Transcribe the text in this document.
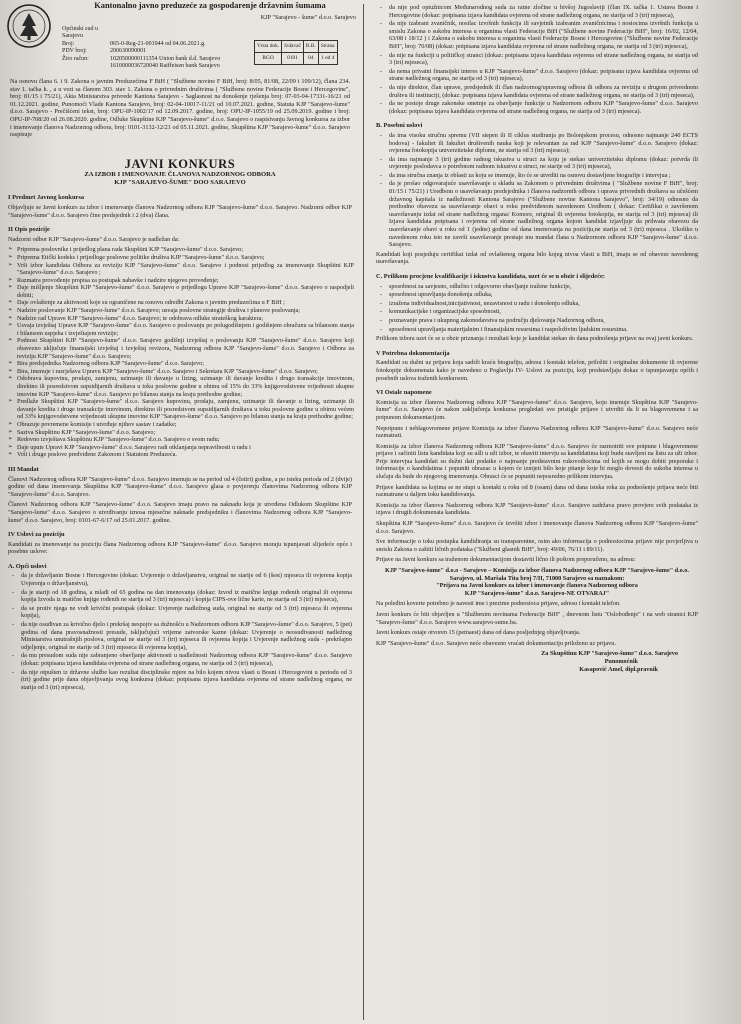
Kantonalno javno preduzeće za gospodarenje državnim šumama
KJP "Sarajevo - šume" d.o.o. Sarajevo
Općinski sud u Sarajevu
Broj:	065-0-Reg-21-001944 od 04.06.2021.g.
PDV broj:	200630090001
Žiro račun:	1020500000111354 Union bank d.d. Sarajevo
1610000036720040 Raiffeisen bank Sarajevo
Vrsta dok.	Izdavač	R.B.	Strana
RGO	0101	04	1 od 4
Na osnovu člana 6. i 9. Zakona o javnim Preduzećima F BiH ( "Službene novine F BiH, broj: 8/05, 81/08, 22/09 i 109/12), člana 234. stav 1. tačka k. , a u vezi sa članom 303. stav 1. Zakona o privrednim društvima ( "Službene novine Federacije Bosne i Hercegovine", broj: 81/15 i 75/21), Akta Ministarstva privrede Kantona Sarajevo - Saglasnost na donošenje rješenja broj: 07-03-04-17331-16/21 od 01.12.2021. godine, Punomoći Vlade Kantona Sarajevo, broj: 02-04-10017-11/21 od 10.07.2021. godine, Statuta KJP "Sarajevo-šume" d.o.o. Sarajevo - Prečišćeni tekst, broj: OPU-IP-1002/17 od 12.09.2017. godine, broj: OPU-IP-1055/19 od 25.09.2019. godine i broj: OPU-IP-708/20 od 26.08.2020. godine, Odluke Skupštine KJP "Sarajevo-šume" d.o.o. Sarajevo o raspisivanju Javnog konkursa za izbor i imenovanje članova Nadzornog odbora, broj: 0101-3132-12/21 od 05.11.2021. godine, Skupština KJP "Sarajevo-šume" d.o.o. Sarajevo raspisuje
JAVNI KONKURS
ZA IZBOR I IMENOVANJE ČLANOVA NADZORNOG ODBORA
KJP "SARAJEVO-ŠUME" DOO SARAJEVO
I Predmet Javnog konkursa

Objavljuje se Javni konkurs za izbor i imenovanje članova Nadzornog odbora KJP "Sarajevo-šume" d.o.o. Sarajevo. Nadzorni odbor KJP "Sarajevo-šume" d.o.o. Sarajevo čine predsjednik i 2 (dva) člana.

II Opis pozicije

Nadzorni odbor KJP "Sarajevo-šume" d.o.o. Sarajevo je nadležan da:

➢ Priprema poslovnike i prijedlog plana rada Skupštini KJP "Sarajevo-šume" d.o.o. Sarajevo;
➢ Priprema Etički kodeks i prijedloge poslovne politike društva KJP "Sarajevo-šume" d.o.o. Sarajevo;
➢ Vrši izbor kandidata Odbora za reviziju KJP "Sarajevo-šume" d.o.o. Sarajevo i podnosi prijedlog za imenovanje Skupštini KJP "Sarajevo-šume" d.o.o. Sarajevo ;
➢ Razmatra provođenje propisa za postupak nabavke i nadzire njegovo provođenje;
➢ Daje mišljenje Skupštini KJP "Sarajevo-šume" d.o.o. Sarajevo o prijedlogu Uprave KJP "Sarajevo-šume" d.o.o. Sarajevo o raspodjeli dobiti;
➢ Daje ovlaštenje za aktivnosti koje su ograničene na osnovu odredbi Zakona o javnim preduzećima u F BiH ;
➢ Nadzire poslovanje KJP "Sarajevo-šume" d.o.o. Sarajevo; usvaja poslovne strategije društva i planove poslovanja;
➢ Nadzire rad Uprave KJP "Sarajevo-šume" d.o.o. Sarajevo; te odobrava odluke strateškog karaktera;
➢ Usvaja izvještaj Uprave KJP "Sarajevo-šume" d.o.o. Sarajevo o poslovanju po polugodišnjem i godišnjem obračunu sa bilansom stanja i bilansom uspjeha i izvještajem revizije;
➢ Podnosi Skupštini KJP "Sarajevo-šume" d.o.o. Sarajevo godišnji izvještaj o poslovanju KJP "Sarajevo-šume" d.o.o. Sarajevo koji obavezno uključuje finansijski izvještaj i izvještaj revizora, Nadzornog odbora KJP "Sarajevo-šume" d.o.o. Sarajevo i Odbora za reviziju KJP "Sarajevo-šume" d.o.o. Sarajevo;
➢ Bira predsjednika Nadzornog odbora KJP "Sarajevo-šume" d.o.o. Sarajevo;
➢ Bira, imenuje i razrješava Upravu KJP "Sarajevo-šume" d.o.o. Sarajevo i Sekretara KJP "Sarajevo-šume" d.o.o. Sarajevo;
➢ Odobrava kupovinu, prodaju, zamjenu, uzimanje ili davanje u lizing, uzimanje ili davanje kredita i drugo transakcije imovinom, direktno ili posredstvom supsidijarnih društava u toku poslovne godine u obimu od 15% do 33% knjigovodstvene vrijednosti ukupne imovine KJP "Sarajevo-šume" d.o.o. Sarajevo po bilansu stanja na kraju prethodne godine;
➢ Predlaže Skupštini KJP "Sarajevo-šume" d.o.o. Sarajevo kupovinu, prodaju, zamjenu, uzimanje ili davanje u lizing, uzimanje ili davanje kredita i druge transakcije imovinom, direktno ili posredstvom supsidijarnih društava u toku poslovne godine u obimu većem od 33% knjigovodstvene vrijednosti ukupne imovine KJP "Sarajevo-šume" d.o.o. Sarajevo po bilansu stanja na kraju prethodne godine;
➢ Obrazuje povremene komisije i utvrđuje njihov sastav i zadatke;
➢ Saziva Skupštinu KJP "Sarajevo-šume" d.o.o. Sarajevo;
➢ Redovno izvještava Skupštinu KJP "Sarajevo-šume" d.o.o. Sarajevo o svom radu;
➢ Daje upute Upravi KJP "Sarajevo-šume" d.o.o. Sarajevo radi otklanjanja nepravilnosti u radu i
➢ Vrši i druge poslove predviđene Zakonom i Statutom Preduzeća.
III Mandat

Članovi Nadzornog odbora KJP "Sarajevo-šume" d.o.o. Sarajevo imenuju se na period od 4 (četiri) godine, a po isteku perioda od 2 (dvije) godine od dana imenovanja Skupština KJP "Sarajevo-šume" d.o.o. Sarajevo glasa o povjerenju članovima Nadzornog odbora KJP "Sarajevo-šume" d.o.o. Sarajevo.

Članovi Nadzornog odbora KJP "Sarajevo-šume" d.o.o. Sarajevo imaju pravo na naknadu koja je utvrđena Odlukom Skupštine KJP "Sarajevo-šume" d.o.o. Sarajevo o utvrđivanju iznosa mjesečne naknade predsjedniku i članovima Nadzornog odbora KJP "Sarajevo-šume" d.o.o. Sarajevo, broj: 0101-67-6/17 od 25.01.2017. godine.

IV Uslovi za poziciju

Kandidati za imenovanje na poziciju člana Nadzornog odbora KJP "Sarajevo-šume" d.o.o. Sarajevo moraju ispunjavati slijedeće opće i posebne uslove:

A. Opći uslovi
- da je državljanin Bosne i Hercegovine (dokaz: Uvjerenje o državljanstvu, original ne starije od 6 (šest) mjeseca ili ovjerena kopija Uvjerenja o državljanstvu),
- da je stariji od 18 godina, a mlađi od 65 godina na dan imenovanja (dokaz: Izvod iz matične knjige rođenih original ili ovjerena kopija Izvoda iz matične knjige rođenih ne starija od 3 (tri) mjeseca) i kopija CIPS-ove lične karte, ne starija od 3 (tri) mjeseca),
- da se protiv njega ne vodi krivični postupak (dokaz: Uvjerenje nadležnog suda, original ne starije od 3 (tri) mjeseca ili ovjerena kopija),
- da nije osuđivan za krivično djelo i prekršaj nespojiv sa dužnošću u Nadzornom odboru KJP "Sarajevo-šume" d.o.o. Sarajevo, 5 (pet) godina od dana pravosnažnosti presude, isključujući vrijeme zatvorske kazne (dokaz: Uvjerenje o neosuđivanosti nadležnog Ministarstva unutrašnjih poslova, original ne starije od 3 (tri) mjeseca ili ovjerena kopija i Uvjerenje nadležnog suda - prekršajno odjeljenje, original ne starije od 3 (tri) mjeseca ili ovjerena kopija),
- da mu presudom suda nije zabranjeno obavljanje aktivnosti u nadležnosti Nadzornog odbora KJP "Sarajevo-šume" d.o.o. Sarajevo (dokaz: potpisana izjava kandidata ovjerena od strane nadležnog organa, ne starija od 3 (tri) mjeseca),
- da nije otpušten iz državne službe kao rezultat disciplinske mjere na bilo kojem nivou vlasti u Bosni i Hercegovini u periodu od 3 (tri) godine prije dana objavljivanja ovog konkursa (dokaz: potpisana izjava kandidata ovjerena od strane nadležnog organa, ne starija od 3 (tri) mjeseca),
- da nije pod optužnicom Međunarodnog suda za ratne zločine u bivšoj Jugoslaviji (član IX. tačka 1. Ustava Bosne i Hercegovine (dokaz: potpisana izjava kandidata ovjerena od strane nadležnog organa, ne starija od 3 (tri) mjeseca),
- da nije izabrani zvaničnik, nosilac izvršnih funkcija ili savjetnik izabranim zvaničnicima i nosiocima izvršnih funkcija u smislu Zakona o sukobu interesa u organima vlasti Federacije BiH ("Službene novine Federacije BiH", broj: 16/02, 12/04, 63/08 i 18/12 ) i Zakona o sukobu interesa u organima vlasti Federacije Bosne i Hercegovine ("Službene novine Federacije BiH", broj: 70/08) (dokaz: potpisana izjava kandidata ovjerena od strane nadležnog organa, ne starija od 3 (tri) mjeseca),
- da nije na funkciji u političkoj stranci (dokaz: potpisana izjava kandidata ovjerena od strane nadležnog organa, ne starija od 3 (tri) mjeseca),
- da nema privatni finansijski interes u KJP "Sarajevo-šume" d.o.o. Sarajevo (dokaz: potpisana izjava kandidata ovjerena od strane nadležnog organa, ne starija od 3 (tri) mjeseca),
- da nije direktor, član uprave, predsjednik ili član nadzornog/upravnog odbora ili odbora za reviziju u drugom privrednom društvu ili instituciji, (dokaz: potpisana izjava kandidata ovjerena od strane nadležnog organa, ne starija od 3 (tri) mjeseca),
- da ne postoje druge zakonske smetnje za obavljanje funkcije u Nadzornom odboru KJP "Sarajevo-šume" d.o.o. Sarajevo (dokaz: potpisana izjava kandidata ovjerena od strane nadležnog organa, ne starija od 3 (tri) mjeseca).
B. Posebni uslovi
- da ima visoku stručnu spremu (VII stepen ili II ciklus studiranja po Bolonjskom procesu, odnosno najmanje 240 ECTS bodova) - fakultet ili fakultet društvenih nauka koji je relevantan za rad KJP "Sarajevo-šume" d.o.o. Sarajevo (dokaz: ovjerena fotokopija univerzitetske diplome, ne starija od 3 (tri) mjeseca);
- da ima najmanje 3 (tri) godine radnog iskustva u struci za koju je stekao univerzitetsku diplomu (dokaz: potvrda ili uvjerenje poslodavca o potrebnom radnom iskustvu u struci, ne starije od 3 (tri) mjeseca),
- da ima stručna znanja iz oblasti za koju se imenuje, što će se utvrditi na osnovu dostavljene biografije i intervjua ;
- da je prošao odgovarajuće usavršavanje u skladu sa Zakonom o privrednim društvima ( "Službene novine F BiH", broj: 81/15 i 75/21) i Uredbom o usavršavanju predsjednika i članova nadzornih odbora i uprava privrednih društava sa učešćem državnog kapitala iz nadležnosti Kantona Sarajevo ("Službene novine Kantona Sarajevo", broj: 34/19) odnosno da prethodno obavezu sa usavršavanje obavi u roku predviđenom navedenom Uredbom ( dokaz: Certifikat o završenom usavršavanju izdat od strane nadležnog organa/ Komore, original ili ovjerena fotokopija, ne starija od 3 (tri) mjeseca) ili Izjava kandidata potpisana i ovjerena od strane nadležnog organa kojom kandidat izjavljuje da prihvata obavezu da usavršavanje obavi u roku od 1 (jedne) godine od dana imenovanja na poziciju,ne starija od 3 (tri) mjeseca . Ukoliko u navedenom roku isto ne završi usavršavanje prestaje mu mandat člana u Nadzornom odboru KJP "Sarajevo-šume" d.o.o. Sarajevo.

Kandidati koji posjeduju certifikat izdat od ovlaštenog organa bilo kojeg nivoa vlasti u BiH, imaju se od obaveze navedenog usavršavanja.

C. Prilikom procjene kvalifikacije i iskustva kandidata, uzet će se u obzir i slijedeće:
- sposobnost za savjesno, odlučno i odgovorno obavljanje tražene funkcije,
- sposobnost upravljanja donošenja odluka,
- izražena individualnost,inicijativnost, nezavisnost u radu i donošenju odluka,
- komunikacijske i organizacijske sposobnosti,
- poznavanje prava i ukupnog zakonodavstva na području djelovanja Nadzornog odbora,
- sposobnost upravljanja materijalnim i finansijskim resursima i raspoloživim ljudskim resursima.

Prilikom izbora uzet će se u obzir priznanja i rezultati koje je kandidat stekao do dana podnošenja prijave na ovaj javni konkurs.

V Potrebna dokumentacija

Kandidati su dužni uz prijavu koja sadrži kraću biografiju, adresu i kontakt telefon, priložiti i originalne dokumente ili ovjerene fotokopije dokumenata kako je navedeno u Poglavlju IV- Uslovi za poziciju, koji predstavljaju dokaz o ispunjavanju općih i posebnih uslova traženih konkursom.

VI Ostale napomene

Komisija za izbor članova Nadzornog odbora KJP "Sarajevo-šume" d.o.o. Sarajevo, koju imenuje Skupština KJP "Sarajevo-šume" d.o.o. Sarajevo će nakon zaključenja konkursa pregledati sve pristigle prijave i utvrditi da li su blagovremene i sa potpunom dokumentacijom.

Nepotpune i neblagovremene prijave Komisija za izbor članova Nadzornog odbora KJP "Sarajevo-šume" d.o.o. Sarajevo neće razmatrati.

Komisija za izbor članova Nadzornog odbora KJP "Sarajevo-šume" d.o.o. Sarajevo će razmotriti sve potpune i blagovremene prijave i sačiniti listu kandidata koji su ušli u uži izbor, te obaviti intervju sa kandidatima koji budu stavljeni na listu za uži izbor. Prije intervjua kandidati su dužni dati podatke o najmanje predstavnim rukovodiocima od kojih se mogu dobiti preporuke i informacije o kandidatima i popuniti obrazac u kojem će izmjeti bilo koje pitanje koje bi moglo dovesti do sukoba interesa u slučaju da bude do njegovog imenovanja. Obrasci će se popuniti neposredno prilikom intervjua.

Prijave kandidata sa kojima se ne stupi u kontakt u roku od 8 (osam) dana od dana isteka roka za podnošenje prijava neće biti razmatrane u daljem toku kandidovanja.

Komisija za izbor članova Nadzornog odbora KJP "Sarajevo-šume" d.o.o. Sarajevo zadržava pravo provjere svih podataka iz izjava i drugih dokumenata kandidata.

Skupština KJP "Sarajevo-šume" d.o.o. Sarajevo će izvršiti izbor i imenovanje članova Nadzornog odbora KJP "Sarajevo-šume" d.o.o. Sarajevo.

Sve informacije o toku postupka kandidiranja su transparentne, osim ako informacija o podnosiocima prijave nije povjerljiva u smislu Zakona o zaštiti ličnih podataka ("Službeni glasnik BiH", broj: 49/06, 76/11 i 89/11).

Prijave na Javni konkurs sa traženom dokumentacijom dostaviti lično ili poštom preporučeno, na adresu:

KJP "Sarajevo-šume" d.o.o - Sarajevo – Komisija za izbor članova Nadzornog odbora KJP "Sarajevo-šume" d.o.o. Sarajevo, ul. Maršala Tita broj 7/II, 71000 Sarajevo sa naznakom:
"Prijava na Javni konkurs za izbor i imenovanje članova Nadzornog odbora
KJP "Sarajevo-šume" d.o.o. Sarajevo-NE OTVARAJ"

Na poleđini koverte potrebno je navesti ime i prezime podnosioca prijave, adresu i kontakt telefon.

Javni konkurs će biti objavljen u "Službenim novinama Federacije BiH" , dnevnom listu "Oslobođenje" i na web stranici KJP "Sarajevo-šume" d.o.o. Sarajevo www.sarajevo-sume.ba.

Javni konkurs ostaje otvoren 15 (petnaest) dana od dana posljednjeg objavljivanja.

KJP "Sarajevo-šume" d.o.o. Sarajevo neće obavezno vraćati dokumentaciju priloženu uz prijavu.

Za Skupštinu KJP "Sarajevo-šume" d.o.o. Sarajevo
Punomoćnik
Kasapović Amel, dipl.pravnik
